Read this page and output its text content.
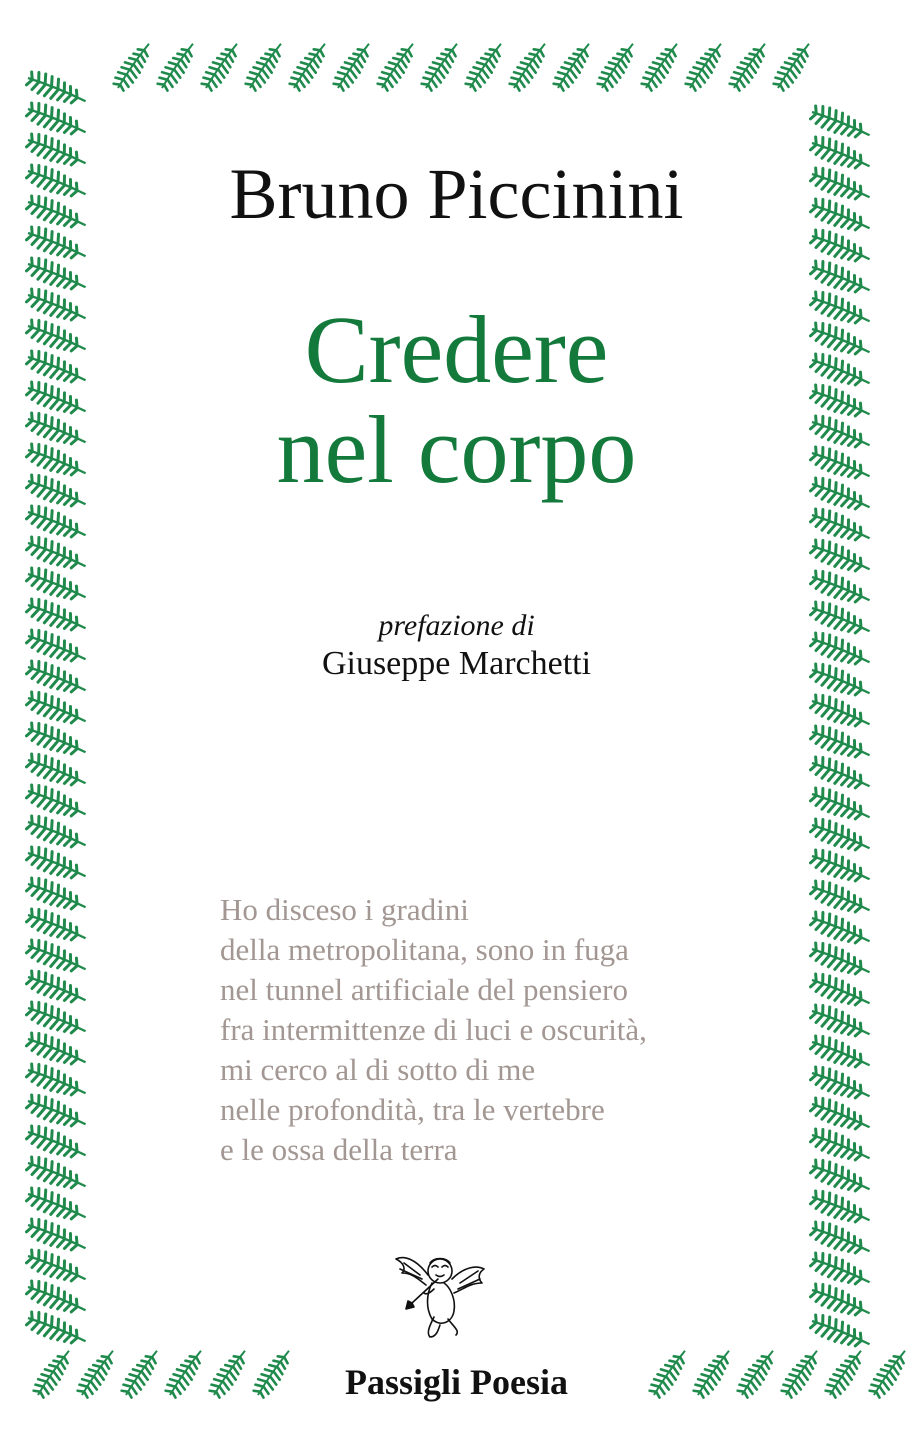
Bruno Piccinini
Credere
nel corpo
prefazione di
Giuseppe Marchetti
Ho disceso i gradini
della metropolitana, sono in fuga
nel tunnel artificiale del pensiero
fra intermittenze di luci e oscurità,
mi cerco al di sotto di me
nelle profondità, tra le vertebre
e le ossa della terra
Passigli Poesia
